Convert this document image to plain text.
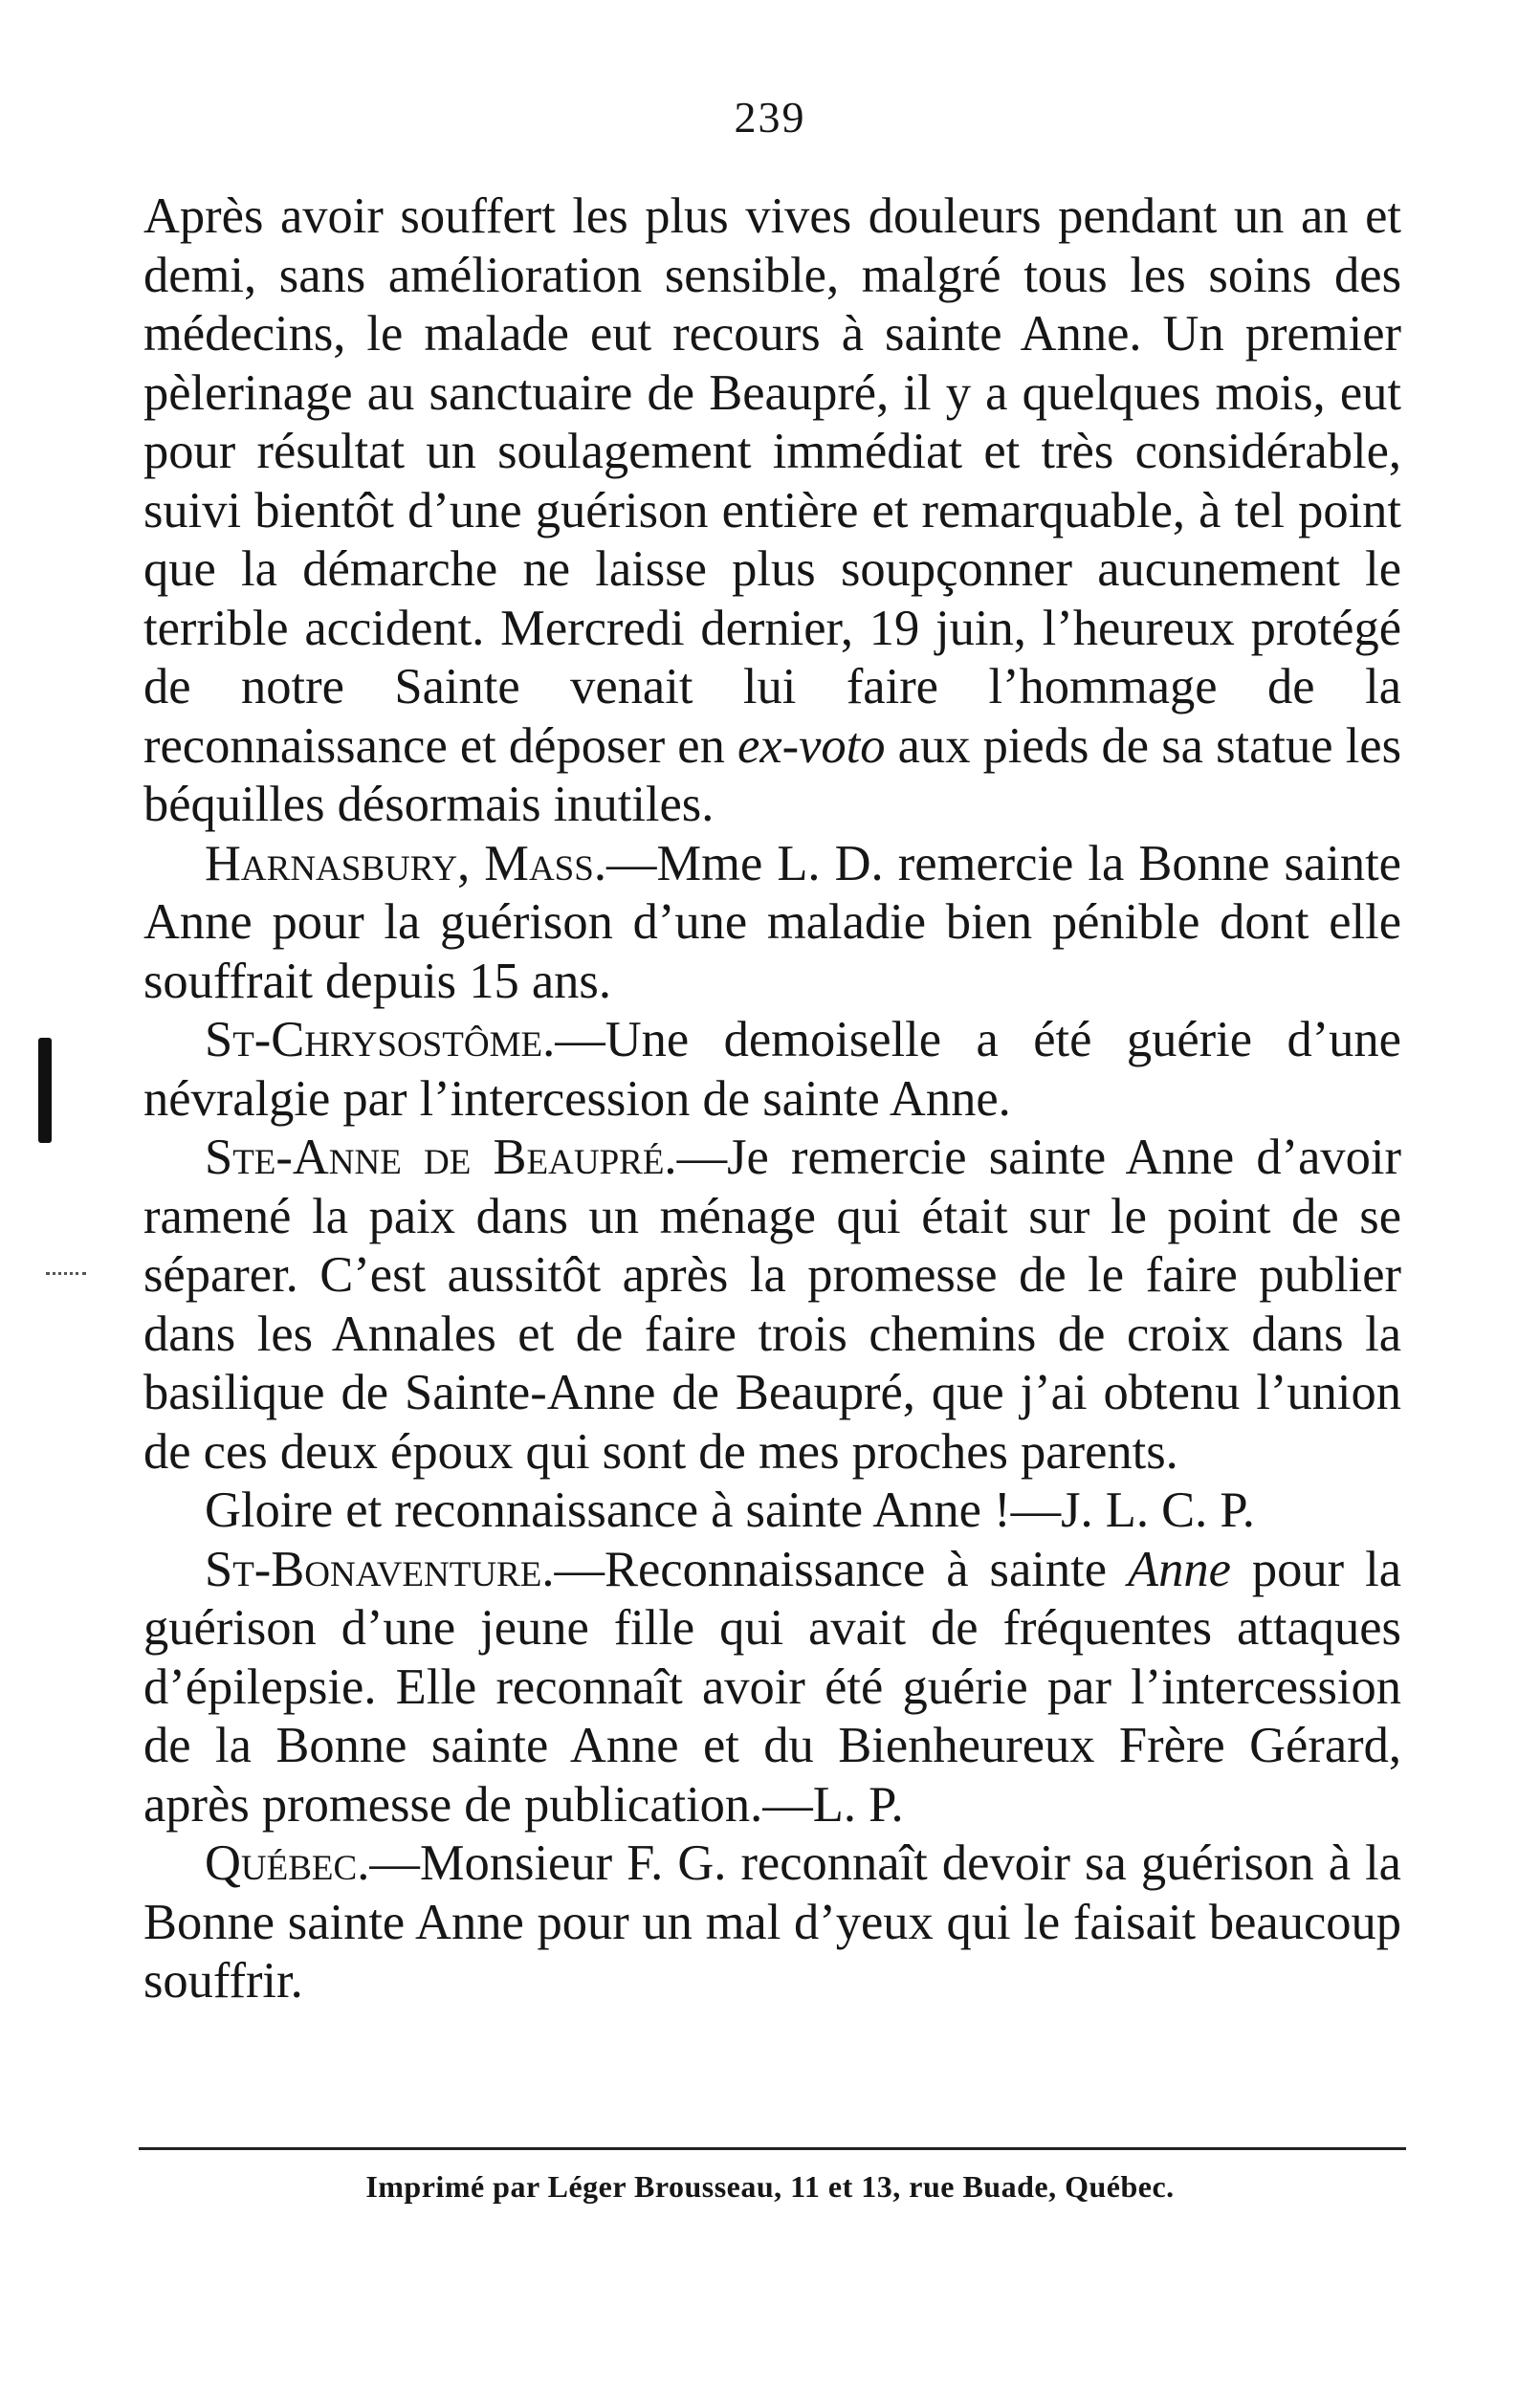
239

Après avoir souffert les plus vives douleurs pendant un an et demi, sans amélioration sensible, malgré tous les soins des médecins, le malade eut recours à sainte Anne. Un premier pèlerinage au sanctuaire de Beaupré, il y a quelques mois, eut pour résultat un soulagement immédiat et très considérable, suivi bientôt d’une guérison entière et remarquable, à tel point que la démarche ne laisse plus soupçonner aucunement le terrible accident. Mercredi dernier, 19 juin, l’heureux protégé de notre Sainte venait lui faire l’hommage de la reconnaissance et déposer en ex-voto aux pieds de sa statue les béquilles désormais inutiles.

Harnasbury, Mass.—Mme L. D. remercie la Bonne sainte Anne pour la guérison d’une maladie bien pénible dont elle souffrait depuis 15 ans.

St-Chrysostôme.—Une demoiselle a été guérie d’une névralgie par l’intercession de sainte Anne.

Ste-Anne de Beaupré.—Je remercie sainte Anne d’avoir ramené la paix dans un ménage qui était sur le point de se séparer. C’est aussitôt après la promesse de le faire publier dans les Annales et de faire trois chemins de croix dans la basilique de Sainte-Anne de Beaupré, que j’ai obtenu l’union de ces deux époux qui sont de mes proches parents.

Gloire et reconnaissance à sainte Anne !—J. L. C. P.

St-Bonaventure.—Reconnaissance à sainte Anne pour la guérison d’une jeune fille qui avait de fréquentes attaques d’épilepsie. Elle reconnaît avoir été guérie par l’intercession de la Bonne sainte Anne et du Bienheureux Frère Gérard, après promesse de publication.—L. P.

Québec.—Monsieur F. G. reconnaît devoir sa guérison à la Bonne sainte Anne pour un mal d’yeux qui le faisait beaucoup souffrir.

Imprimé par Léger Brousseau, 11 et 13, rue Buade, Québec.
